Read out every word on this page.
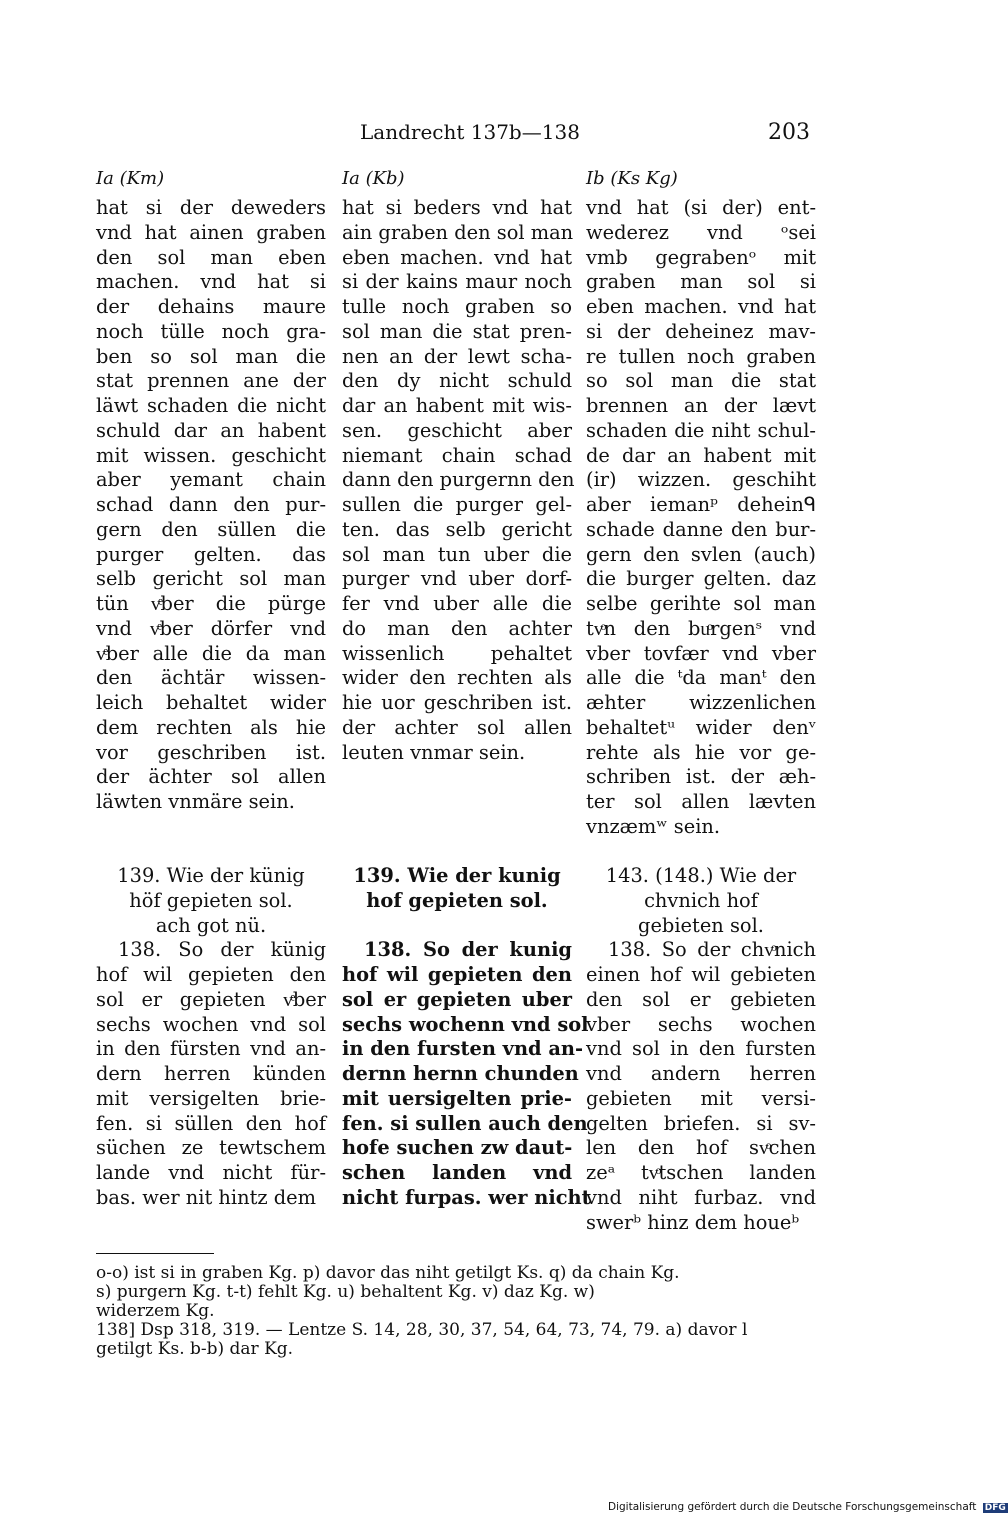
Landrecht 137b—138	203
Ia (Km)	Ia (Kb)	Ib (Ks Kg)
hat si der deweders
vnd hat ainen graben
den sol man eben
machen. vnd hat si
der dehains maure
noch tülle noch gra-
ben so sol man die
stat prennen ane der
läwt schaden die nicht
schuld dar an habent
mit wissen. geschicht
aber yemant chain
schad dann den pur-
gern den süllen die
purger gelten. das
selb gericht sol man
tün vͤber die pürge
vnd vͤber dörfer vnd
vͤber alle die da man
den ächtär wissen-
leich behaltet wider
dem rechten als hie
vor geschriben ist.
der ächter sol allen
läwten vnmäre sein.
hat si beders vnd hat
ain graben den sol man
eben machen. vnd hat
si der kains maur noch
tulle noch graben so
sol man die stat pren-
nen an der lewt scha-
den dy nicht schuld
dar an habent mit wis-
sen. geschicht aber
niemant chain schad
dann den purgernn den
sullen die purger gel-
ten. das selb gericht
sol man tun uber die
purger vnd uber dorf-
fer vnd uber alle die
do man den achter
wissenlich pehaltet
wider den rechten als
hie uor geschriben ist.
der achter sol allen
leuten vnmar sein.
vnd hat (si der) ent-
wederez vnd ᵒsei
vmb gegrabenᵒ mit
graben man sol si
eben machen. vnd hat
si der deheinez mav-
re tullen noch graben
so sol man die stat
brennen an der lævt
schaden die niht schul-
de dar an habent mit
(ir) wizzen. geschiht
aber iemanᵖ deheinᑫ
schade danne den bur-
gern den svlen (auch)
die burger gelten. daz
selbe gerihte sol man
tvͦn den buͦrgenˢ vnd
vber tovfær vnd vber
alle die ᵗda manᵗ den
æhter wizzenlichen
behaltetᵘ wider denᵛ
rehte als hie vor ge-
schriben ist. der æh-
ter sol allen lævten
vnzæmʷ sein.
139. Wie der künig
höf gepieten sol.
ach got nü.
138. So der künig
hof wil gepieten den
sol er gepieten vͤber
sechs wochen vnd sol
in den fürsten vnd an-
dern herren künden
mit versigelten brie-
fen. si süllen den hof
süchen ze tewtschem
lande vnd nicht für-
bas. wer nit hintz dem
139. Wie der kunig
hof gepieten sol.
138. So der kunig
hof wil gepieten den
sol er gepieten uber
sechs wochenn vnd sol
in den fursten vnd an-
dernn hernn chunden
mit uersigelten prie-
fen. si sullen auch den
hofe suchen zw daut-
schen landen vnd
nicht furpas. wer nicht
143. (148.) Wie der
chvnich hof
gebieten sol.
138. So der chvͦnich
einen hof wil gebieten
den sol er gebieten
vber sechs wochen
vnd sol in den fursten
vnd andern herren
gebieten mit versi-
gelten briefen. si sv-
len den hof svͦchen
zeᵃ tvͦtschen landen
vnd niht furbaz. vnd
swerᵇ hinz dem houeᵇ
o-o) ist si in graben Kg. p) davor das niht getilgt Ks. q) da chain Kg.
s) purgern Kg. t-t) fehlt Kg. u) behaltent Kg. v) daz Kg. w)
widerzem Kg.
138] Dsp 318, 319. — Lentze S. 14, 28, 30, 37, 54, 64, 73, 74, 79. a) davor l
getilgt Ks. b-b) dar Kg.
Digitalisierung gefördert durch die Deutsche Forschungsgemeinschaft DFG
